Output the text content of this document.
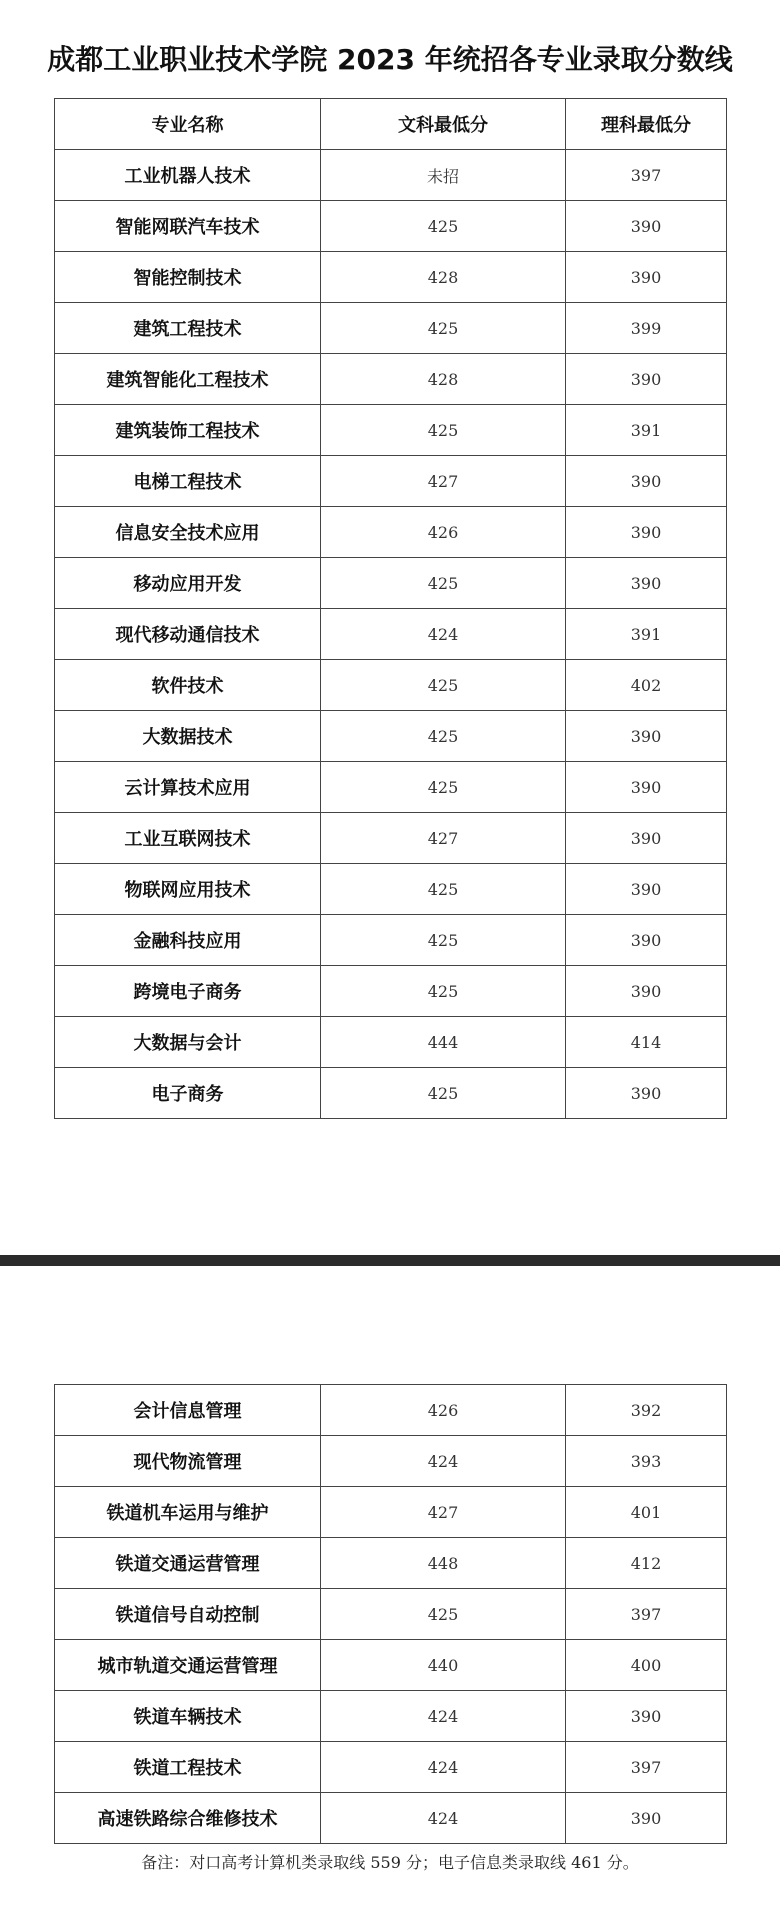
成都工业职业技术学院 2023 年统招各专业录取分数线
专业名称	文科最低分	理科最低分
工业机器人技术	未招	397
智能网联汽车技术	425	390
智能控制技术	428	390
建筑工程技术	425	399
建筑智能化工程技术	428	390
建筑装饰工程技术	425	391
电梯工程技术	427	390
信息安全技术应用	426	390
移动应用开发	425	390
现代移动通信技术	424	391
软件技术	425	402
大数据技术	425	390
云计算技术应用	425	390
工业互联网技术	427	390
物联网应用技术	425	390
金融科技应用	425	390
跨境电子商务	425	390
大数据与会计	444	414
电子商务	425	390
会计信息管理	426	392
现代物流管理	424	393
铁道机车运用与维护	427	401
铁道交通运营管理	448	412
铁道信号自动控制	425	397
城市轨道交通运营管理	440	400
铁道车辆技术	424	390
铁道工程技术	424	397
高速铁路综合维修技术	424	390
备注：对口高考计算机类录取线 559 分；电子信息类录取线 461 分。
